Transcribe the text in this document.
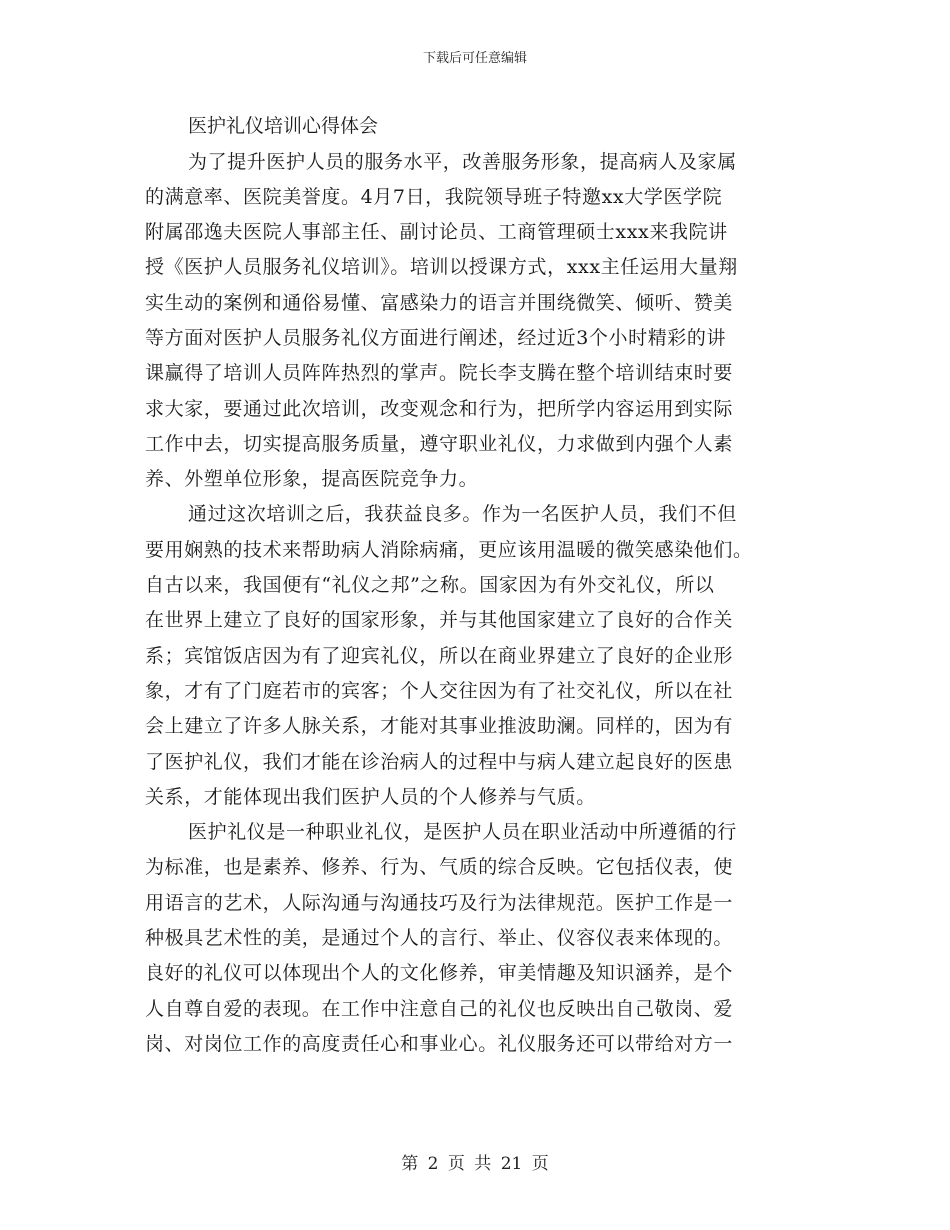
下载后可任意编辑
医护礼仪培训心得体会
为了提升医护人员的服务水平，改善服务形象，提高病人及家属
的满意率、医院美誉度。4月7日，我院领导班子特邀xx大学医学院
附属邵逸夫医院人事部主任、副讨论员、工商管理硕士xxx来我院讲
授《医护人员服务礼仪培训》。培训以授课方式，xxx主任运用大量翔
实生动的案例和通俗易懂、富感染力的语言并围绕微笑、倾听、赞美
等方面对医护人员服务礼仪方面进行阐述，经过近3个小时精彩的讲
课赢得了培训人员阵阵热烈的掌声。院长李支腾在整个培训结束时要
求大家，要通过此次培训，改变观念和行为，把所学内容运用到实际
工作中去，切实提高服务质量，遵守职业礼仪，力求做到内强个人素
养、外塑单位形象，提高医院竞争力。
通过这次培训之后，我获益良多。作为一名医护人员，我们不但
要用娴熟的技术来帮助病人消除病痛，更应该用温暖的微笑感染他们。
自古以来，我国便有“礼仪之邦”之称。国家因为有外交礼仪，所以
在世界上建立了良好的国家形象，并与其他国家建立了良好的合作关
系；宾馆饭店因为有了迎宾礼仪，所以在商业界建立了良好的企业形
象，才有了门庭若市的宾客；个人交往因为有了社交礼仪，所以在社
会上建立了许多人脉关系，才能对其事业推波助澜。同样的，因为有
了医护礼仪，我们才能在诊治病人的过程中与病人建立起良好的医患
关系，才能体现出我们医护人员的个人修养与气质。
医护礼仪是一种职业礼仪，是医护人员在职业活动中所遵循的行
为标准，也是素养、修养、行为、气质的综合反映。它包括仪表，使
用语言的艺术，人际沟通与沟通技巧及行为法律规范。医护工作是一
种极具艺术性的美，是通过个人的言行、举止、仪容仪表来体现的。
良好的礼仪可以体现出个人的文化修养，审美情趣及知识涵养，是个
人自尊自爱的表现。在工作中注意自己的礼仪也反映出自己敬岗、爱
岗、对岗位工作的高度责任心和事业心。礼仪服务还可以带给对方一
第 2 页 共 21 页
